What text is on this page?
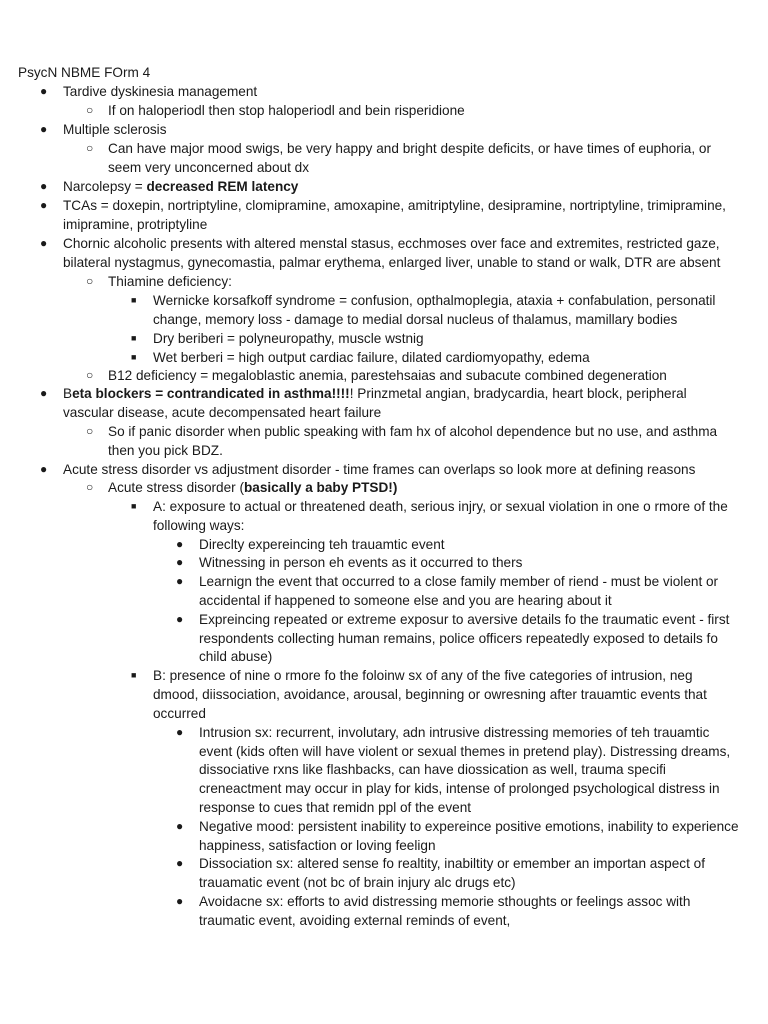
PsycN NBME FOrm 4
● Tardive dyskinesia management
○ If on haloperiodl then stop haloperiodl and bein risperidione
● Multiple sclerosis
○ Can have major mood swigs, be very happy and bright despite deficits, or have times of euphoria, or
seem very unconcerned about dx
● Narcolepsy = decreased REM latency
● TCAs = doxepin, nortriptyline, clomipramine, amoxapine, amitriptyline, desipramine, nortriptyline, trimipramine,
imipramine, protriptyline
● Chornic alcoholic presents with altered menstal stasus, ecchmoses over face and extremites, restricted gaze,
bilateral nystagmus, gynecomastia, palmar erythema, enlarged liver, unable to stand or walk, DTR are absent
○ Thiamine deficiency:
■ Wernicke korsafkoff syndrome = confusion, opthalmoplegia, ataxia + confabulation, personatil
change, memory loss - damage to medial dorsal nucleus of thalamus, mamillary bodies
■ Dry beriberi = polyneuropathy, muscle wstnig
■ Wet berberi = high output cardiac failure, dilated cardiomyopathy, edema
○ B12 deficiency = megaloblastic anemia, parestehsaias and subacute combined degeneration
● Beta blockers = contrandicated in asthma!!!!! Prinzmetal angian, bradycardia, heart block, peripheral
vascular disease, acute decompensated heart failure
○ So if panic disorder when public speaking with fam hx of alcohol dependence but no use, and asthma
then you pick BDZ.
● Acute stress disorder vs adjustment disorder - time frames can overlaps so look more at defining reasons
○ Acute stress disorder (basically a baby PTSD!)
■ A: exposure to actual or threatened death, serious injry, or sexual violation in one o rmore of the
following ways:
● Direclty expereincing teh trauamtic event
● Witnessing in person eh events as it occurred to thers
● Learnign the event that occurred to a close family member of riend - must be violent or
accidental if happened to someone else and you are hearing about it
● Expreincing repeated or extreme exposur to aversive details fo the traumatic event - first
respondents collecting human remains, police officers repeatedly exposed to details fo
child abuse)
■ B: presence of nine o rmore fo the foloinw sx of any of the five categories of intrusion, neg
dmood, diissociation, avoidance, arousal, beginning or owresning after trauamtic events that
occurred
● Intrusion sx: recurrent, involutary, adn intrusive distressing memories of teh trauamtic
event (kids often will have violent or sexual themes in pretend play). Distressing dreams,
dissociative rxns like flashbacks, can have diossication as well, trauma specifi
creneactment may occur in play for kids, intense of prolonged psychological distress in
response to cues that remidn ppl of the event
● Negative mood: persistent inability to expereince positive emotions, inability to experience
happiness, satisfaction or loving feelign
● Dissociation sx: altered sense fo realtity, inabiltity or emember an importan aspect of
trauamatic event (not bc of brain injury alc drugs etc)
● Avoidacne sx: efforts to avid distressing memorie sthoughts or feelings assoc with
traumatic event, avoiding external reminds of event,
